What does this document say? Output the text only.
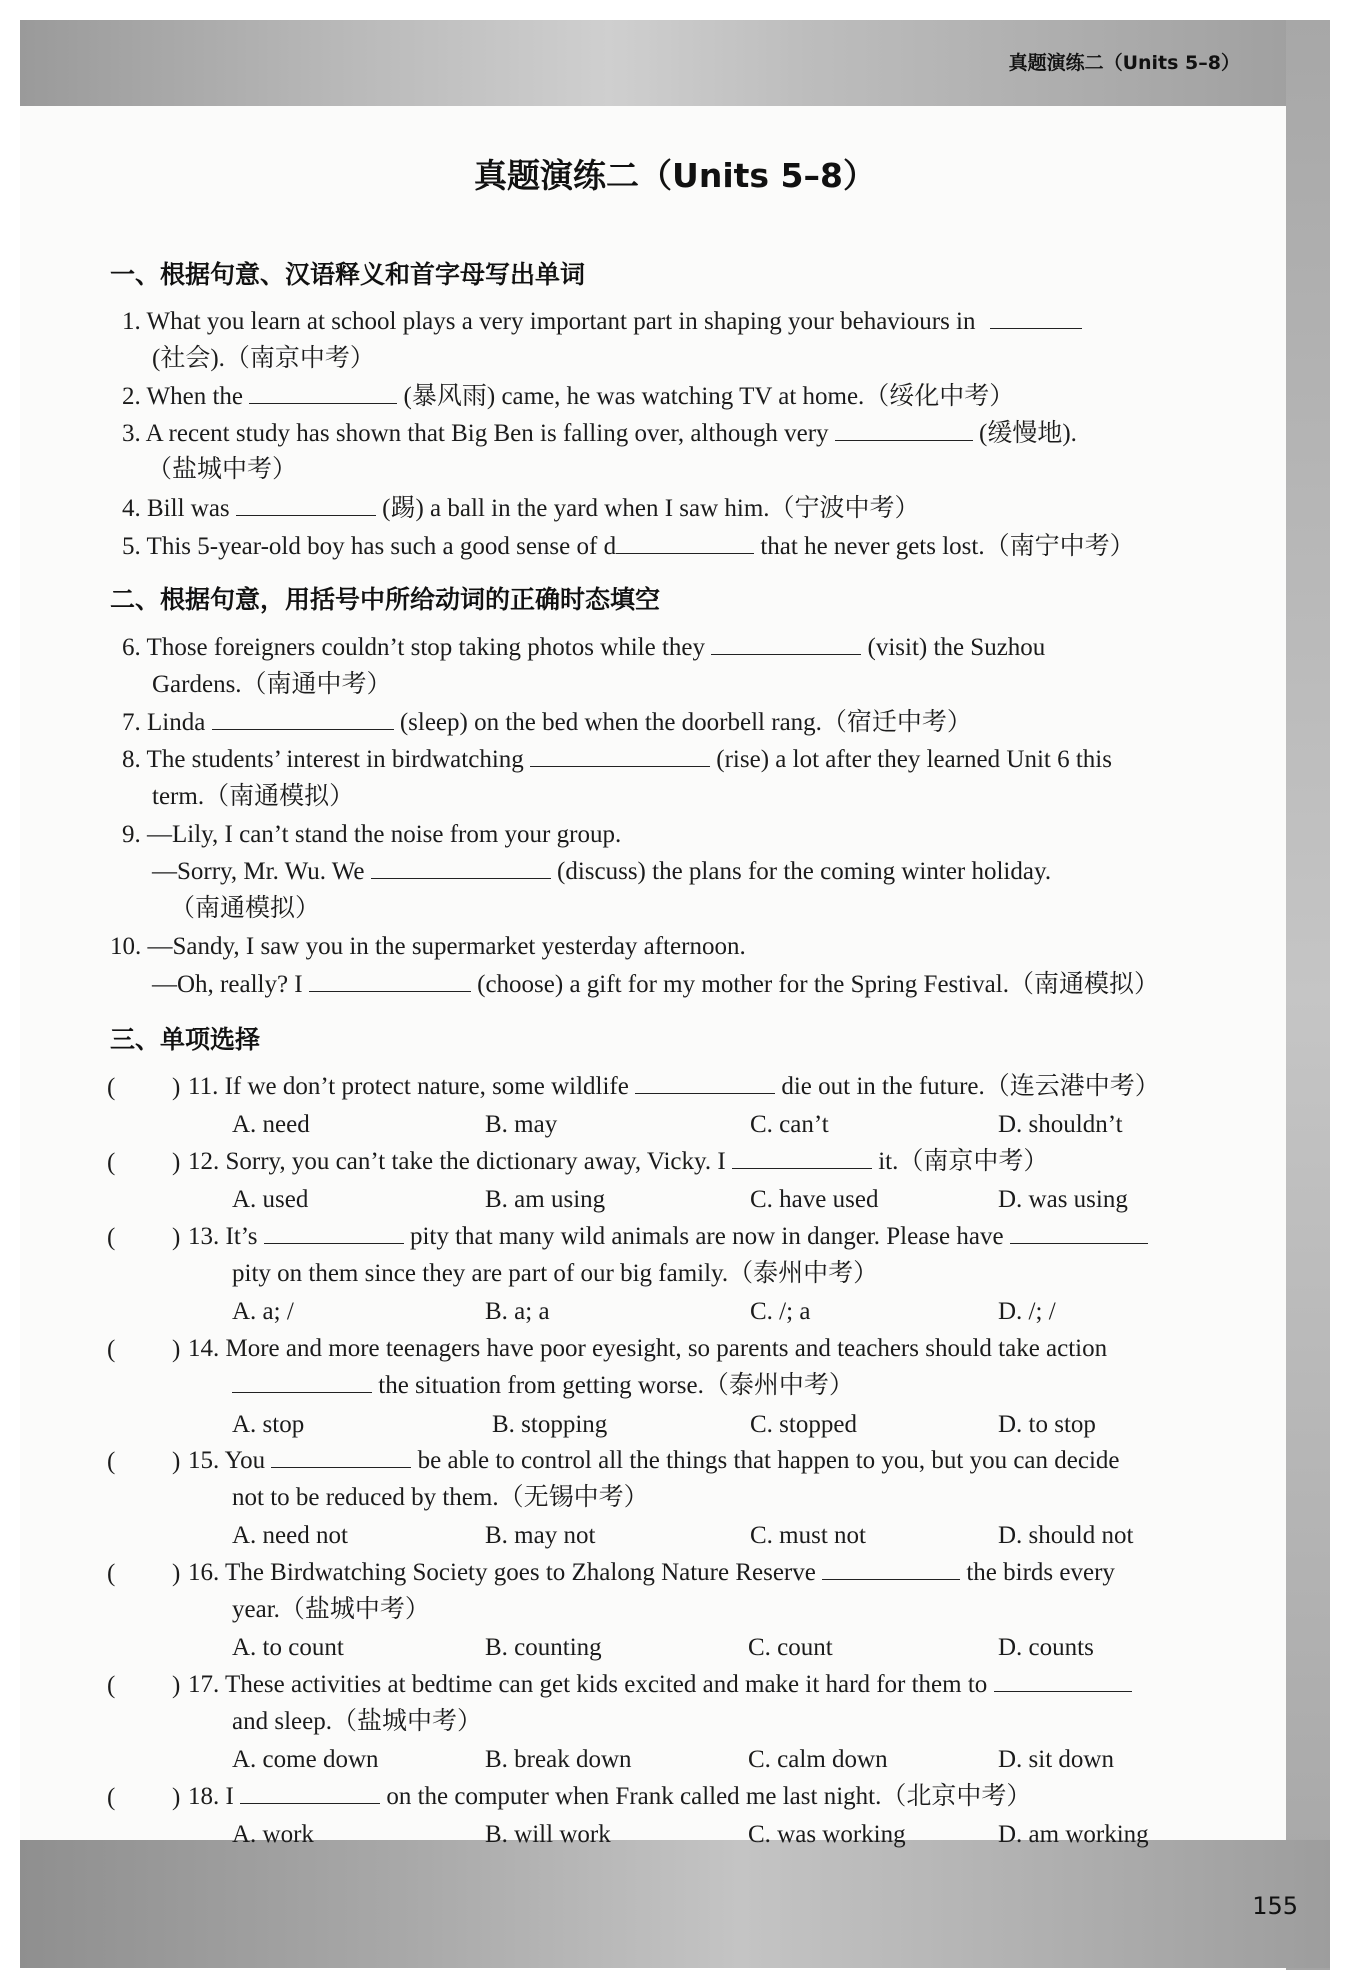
真题演练二（Units 5–8）
155
真题演练二（Units 5–8）
一、根据句意、汉语释义和首字母写出单词
1. What you learn at school plays a very important part in shaping your behaviours in
(社会).（南京中考）
2. When the	(暴风雨) came, he was watching TV at home.（绥化中考）
3. A recent study has shown that Big Ben is falling over, although very	(缓慢地).
（盐城中考）
4. Bill was	(踢) a ball in the yard when I saw him.（宁波中考）
5. This 5-year-old boy has such a good sense of d	that he never gets lost.（南宁中考）
二、根据句意，用括号中所给动词的正确时态填空
6. Those foreigners couldn’t stop taking photos while they	(visit) the Suzhou
Gardens.（南通中考）
7. Linda	(sleep) on the bed when the doorbell rang.（宿迁中考）
8. The students’ interest in birdwatching	(rise) a lot after they learned Unit 6 this
term.（南通模拟）
9. —Lily, I can’t stand the noise from your group.
—Sorry, Mr. Wu. We	(discuss) the plans for the coming winter holiday.
（南通模拟）
10. —Sandy, I saw you in the supermarket yesterday afternoon.
—Oh, really? I	(choose) a gift for my mother for the Spring Festival.（南通模拟）
三、单项选择
( ) 11. If we don’t protect nature, some wildlife	die out in the future.（连云港中考）
A. need	B. may	C. can’t	D. shouldn’t
( ) 12. Sorry, you can’t take the dictionary away, Vicky. I	it.（南京中考）
A. used	B. am using	C. have used	D. was using
( ) 13. It’s	pity that many wild animals are now in danger. Please have
pity on them since they are part of our big family.（泰州中考）
A. a; /	B. a; a	C. /; a	D. /; /
( ) 14. More and more teenagers have poor eyesight, so parents and teachers should take action
the situation from getting worse.（泰州中考）
A. stop	B. stopping	C. stopped	D. to stop
( ) 15. You	be able to control all the things that happen to you, but you can decide
not to be reduced by them.（无锡中考）
A. need not	B. may not	C. must not	D. should not
( ) 16. The Birdwatching Society goes to Zhalong Nature Reserve	the birds every
year.（盐城中考）
A. to count	B. counting	C. count	D. counts
( ) 17. These activities at bedtime can get kids excited and make it hard for them to
and sleep.（盐城中考）
A. come down	B. break down	C. calm down	D. sit down
( ) 18. I	on the computer when Frank called me last night.（北京中考）
A. work	B. will work	C. was working	D. am working
